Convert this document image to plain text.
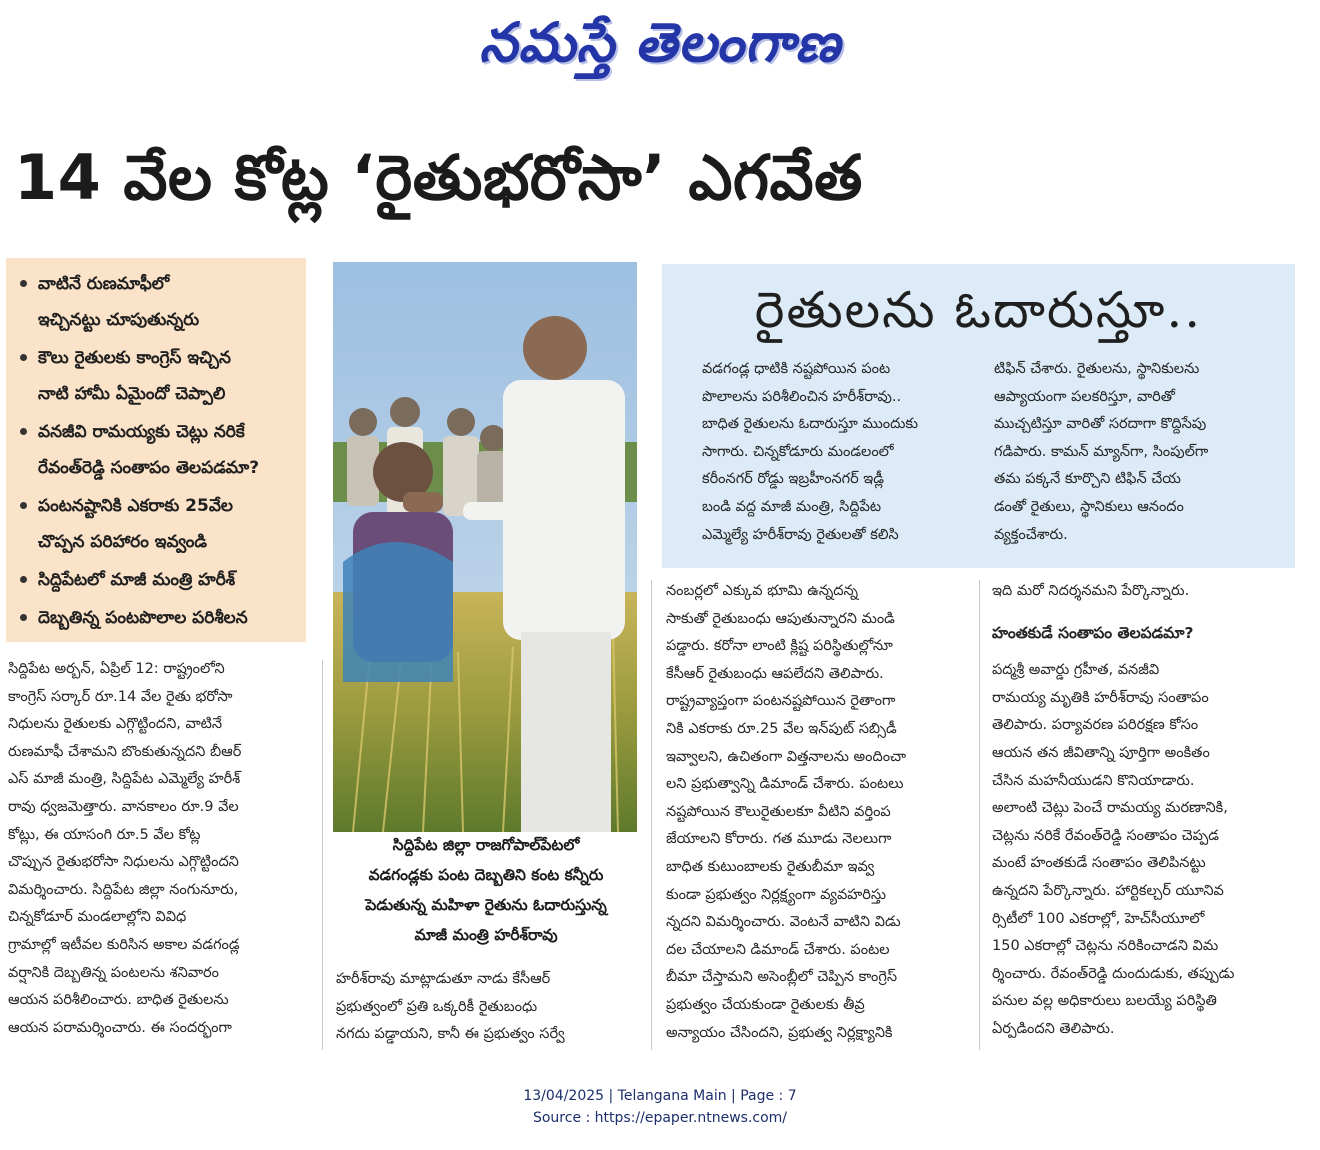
నమస్తే తెలంగాణ
14 వేల కోట్ల ‘రైతుభరోసా’ ఎగవేత
వాటినే రుణమాఫీలో
ఇచ్చినట్టు చూపుతున్నరు
కౌలు రైతులకు కాంగ్రెస్ ఇచ్చిన
నాటి హామీ ఏమైందో చెప్పాలి
వనజీవి రామయ్యకు చెట్లు నరికే
రేవంత్‌రెడ్డి సంతాపం తెలపడమా?
పంటనష్టానికి ఎకరాకు 25వేల
చొప్పన పరిహారం ఇవ్వండి
సిద్దిపేటలో మాజీ మంత్రి హరీశ్
దెబ్బతిన్న పంటపొలాల పరిశీలన
సిద్దిపేట అర్బన్, ఏప్రిల్ 12: రాష్ట్రంలోని
కాంగ్రెస్ సర్కార్ రూ.14 వేల రైతు భరోసా
నిధులను రైతులకు ఎగ్గొట్టిందని, వాటినే
రుణమాఫీ చేశామని బొంకుతున్నదని బీఆర్
ఎస్ మాజీ మంత్రి, సిద్దిపేట ఎమ్మెల్యే హరీశ్
రావు ధ్వజమెత్తారు. వానకాలం రూ.9 వేల
కోట్లు, ఈ యాసంగి రూ.5 వేల కోట్ల
చొప్పున రైతుభరోసా నిధులను ఎగ్గొట్టిందని
విమర్శించారు. సిద్దిపేట జిల్లా నంగునూరు,
చిన్నకోడూర్ మండలాల్లోని వివిధ
గ్రామాల్లో ఇటీవల కురిసిన అకాల వడగండ్ల
వర్షానికి దెబ్బతిన్న పంటలను శనివారం
ఆయన పరిశీలించారు. బాధిత రైతులను
ఆయన పరామర్శించారు. ఈ సందర్భంగా
సిద్దిపేట జిల్లా రాజగోపాల్‌పేటలో
వడగండ్లకు పంట దెబ్బతిని కంట కన్నీరు
పెడుతున్న మహిళా రైతును ఓదారుస్తున్న
మాజీ మంత్రి హరీశ్‌రావు
హరీశ్‌రావు మాట్లాడుతూ నాడు కేసీఆర్
ప్రభుత్వంలో ప్రతి ఒక్కరికీ రైతుబంధు
నగదు పడ్డాయని, కానీ ఈ ప్రభుత్వం సర్వే
రైతులను ఓదారుస్తూ..
వడగండ్ల ధాటికి నష్టపోయిన పంట
పొలాలను పరిశీలించిన హరీశ్‌రావు..
బాధిత రైతులను ఓదారుస్తూ ముందుకు
సాగారు. చిన్నకోడూరు మండలంలో
కరీంనగర్ రోడ్డు ఇబ్రహీంనగర్ ఇడ్లీ
బండి వద్ద మాజీ మంత్రి, సిద్దిపేట
ఎమ్మెల్యే హరీశ్‌రావు రైతులతో కలిసి
టిఫిన్ చేశారు. రైతులను, స్థానికులను
ఆప్యాయంగా పలకరిస్తూ, వారితో
ముచ్చటిస్తూ వారితో సరదాగా కొద్దిసేపు
గడిపారు. కామన్ మ్యాన్‌గా, సింపుల్‌గా
తమ పక్కనే కూర్చొని టిఫిన్ చేయ
డంతో రైతులు, స్థానికులు ఆనందం
వ్యక్తంచేశారు.
నంబర్లలో ఎక్కువ భూమి ఉన్నదన్న
సాకుతో రైతుబంధు ఆపుతున్నారని మండి
పడ్డారు. కరోనా లాంటి క్లిష్ట పరిస్థితుల్లోనూ
కేసీఆర్ రైతుబంధు ఆపలేదని తెలిపారు.
రాష్ట్రవ్యాప్తంగా పంటనష్టపోయిన రైతాంగా
నికి ఎకరాకు రూ.25 వేల ఇన్‌పుట్ సబ్సిడీ
ఇవ్వాలని, ఉచితంగా విత్తనాలను అందించా
లని ప్రభుత్వాన్ని డిమాండ్ చేశారు. పంటలు
నష్టపోయిన కౌలురైతులకూ వీటిని వర్తింప
జేయాలని కోరారు. గత మూడు నెలలుగా
బాధిత కుటుంబాలకు రైతుబీమా ఇవ్వ
కుండా ప్రభుత్వం నిర్లక్ష్యంగా వ్యవహరిస్తు
న్నదని విమర్శించారు. వెంటనే వాటిని విడు
దల చేయాలని డిమాండ్ చేశారు. పంటల
బీమా చేస్తామని అసెంబ్లీలో చెప్పిన కాంగ్రెస్
ప్రభుత్వం చేయకుండా రైతులకు తీవ్ర
అన్యాయం చేసిందని, ప్రభుత్వ నిర్లక్ష్యానికి
ఇది మరో నిదర్శనమని పేర్కొన్నారు.
హంతకుడే సంతాపం తెలపడమా?
పద్మశ్రీ అవార్డు గ్రహీత, వనజీవి
రామయ్య మృతికి హరీశ్‌రావు సంతాపం
తెలిపారు. పర్యావరణ పరిరక్షణ కోసం
ఆయన తన జీవితాన్ని పూర్తిగా అంకితం
చేసిన మహనీయుడని కొనియాడారు.
అలాంటి చెట్లు పెంచే రామయ్య మరణానికి,
చెట్లను నరికే రేవంత్‌రెడ్డి సంతాపం చెప్పడ
మంటే హంతకుడే సంతాపం తెలిపినట్టు
ఉన్నదని పేర్కొన్నారు. హార్టికల్చర్ యూనివ
ర్సిటీలో 100 ఎకరాల్లో, హెచ్‌సీయూలో
150 ఎకరాల్లో చెట్లను నరికించాడని విమ
ర్శించారు. రేవంత్‌రెడ్డి దుందుడుకు, తప్పుడు
పనుల వల్ల అధికారులు బలయ్యే పరిస్థితి
ఏర్పడిందని తెలిపారు.
13/04/2025 | Telangana Main | Page : 7
Source : https://epaper.ntnews.com/
